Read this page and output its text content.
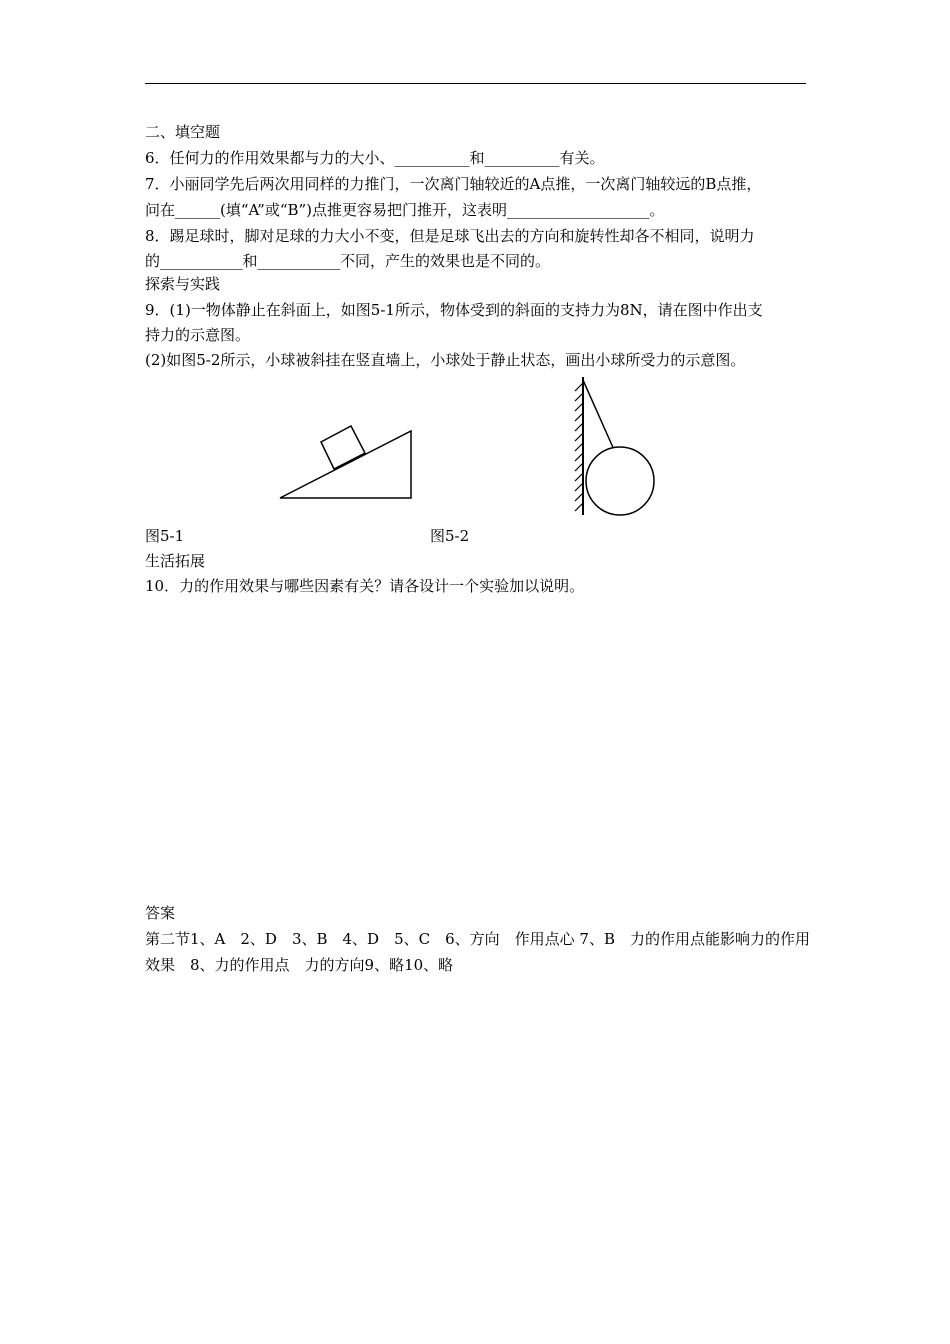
二、填空题
6．任何力的作用效果都与力的大小、__________和__________有关。
7．小丽同学先后两次用同样的力推门，一次离门轴较近的A点推，一次离门轴较远的B点推，
问在______(填“A”或“B”)点推更容易把门推开，这表明___________________。
8．踢足球时，脚对足球的力大小不变，但是足球飞出去的方向和旋转性却各不相同，说明力
的___________和___________不同，产生的效果也是不同的。
探索与实践
9．(1)一物体静止在斜面上，如图5-1所示，物体受到的斜面的支持力为8N，请在图中作出支
持力的示意图。
(2)如图5-2所示，小球被斜挂在竖直墙上，小球处于静止状态，画出小球所受力的示意图。
图5-1	图5-2
生活拓展
10．力的作用效果与哪些因素有关？请各设计一个实验加以说明。
答案
第二节1、A　2、D　3、B　4、D　5、C　6、方向　作用点心 7、B　力的作用点能影响力的作用
效果　8、力的作用点　力的方向9、略10、略
